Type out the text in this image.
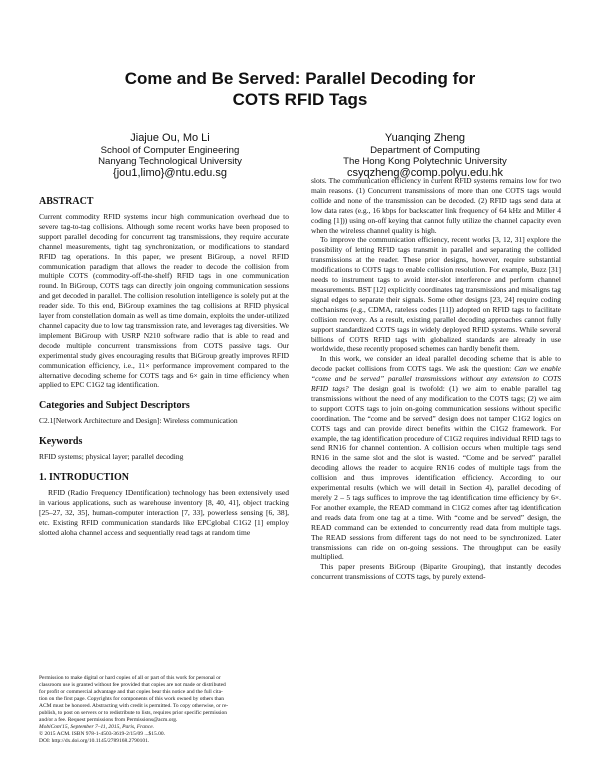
Come and Be Served: Parallel Decoding for
COTS RFID Tags
Jiajue Ou, Mo Li
School of Computer Engineering
Nanyang Technological University
{jou1,limo}@ntu.edu.sg
Yuanqing Zheng
Department of Computing
The Hong Kong Polytechnic University
csyqzheng@comp.polyu.edu.hk
ABSTRACT

Current commodity RFID systems incur high communication overhead due to severe tag-to-tag collisions. Although some recent works have been proposed to support parallel decoding for concurrent tag transmissions, they require accurate channel measurements, tight tag synchronization, or modifications to standard RFID tag operations. In this paper, we present BiGroup, a novel RFID communication paradigm that allows the reader to decode the collision from multiple COTS (commodity-off-the-shelf) RFID tags in one communication round. In BiGroup, COTS tags can directly join ongoing communication sessions and get decoded in parallel. The collision resolution intelligence is solely put at the reader side. To this end, BiGroup examines the tag collisions at RFID physical layer from constellation domain as well as time domain, exploits the under-utilized channel capacity due to low tag transmission rate, and leverages tag diversities. We implement BiGroup with USRP N210 software radio that is able to read and decode multiple concurrent transmissions from COTS passive tags. Our experimental study gives encouraging results that BiGroup greatly improves RFID communication efficiency, i.e., 11× performance improvement compared to the alternative decoding scheme for COTS tags and 6× gain in time efficiency when applied to EPC C1G2 tag identification.

Categories and Subject Descriptors

C2.1[Network Architecture and Design]: Wireless communication

Keywords

RFID systems; physical layer; parallel decoding

1. INTRODUCTION

RFID (Radio Frequency IDentification) technology has been extensively used in various applications, such as warehouse inventory [8, 40, 41], object tracking [25–27, 32, 35], human-computer interaction [7, 33], powerless sensing [6, 38], etc. Existing RFID communication standards like EPCglobal C1G2 [1] employ slotted aloha channel access and sequentially read tags at random time

Permission to make digital or hard copies of all or part of this work for personal or
classroom use is granted without fee provided that copies are not made or distributed
for profit or commercial advantage and that copies bear this notice and the full cita-
tion on the first page. Copyrights for components of this work owned by others than
ACM must be honored. Abstracting with credit is permitted. To copy otherwise, or re-
publish, to post on servers or to redistribute to lists, requires prior specific permission
and/or a fee. Request permissions from Permissions@acm.org.
MobiCom'15, September 7–11, 2015, Paris, France.
© 2015 ACM. ISBN 978-1-4503-3619-2/15/09 ...$15.00.
DOI: http://dx.doi.org/10.1145/2789168.2790101.

slots. The communication efficiency in current RFID systems remains low for two main reasons. (1) Concurrent transmissions of more than one COTS tags would collide and none of the transmission can be decoded. (2) RFID tags send data at low data rates (e.g., 16 kbps for backscatter link frequency of 64 kHz and Miller 4 coding [1])) using on-off keying that cannot fully utilize the channel capacity even when the wireless channel quality is high.

To improve the communication efficiency, recent works [3, 12, 31] explore the possibility of letting RFID tags transmit in parallel and separating the collided transmissions at the reader. These prior designs, however, require substantial modifications to COTS tags to enable collision resolution. For example, Buzz [31] needs to instrument tags to avoid inter-slot interference and perform channel measurements. BST [12] explicitly coordinates tag transmissions and misaligns tag signal edges to separate their signals. Some other designs [23, 24] require coding mechanisms (e.g., CDMA, rateless codes [11]) adopted on RFID tags to facilitate collision recovery. As a result, existing parallel decoding approaches cannot fully support standardized COTS tags in widely deployed RFID systems. While several billions of COTS RFID tags with globalized standards are already in use worldwide, these recently proposed schemes can hardly benefit them.

In this work, we consider an ideal parallel decoding scheme that is able to decode packet collisions from COTS tags. We ask the question: Can we enable “come and be served” parallel transmissions without any extension to COTS RFID tags? The design goal is twofold: (1) we aim to enable parallel tag transmissions without the need of any modification to the COTS tags; (2) we aim to support COTS tags to join on-going communication sessions without specific coordination. The “come and be served” design does not tamper C1G2 logics on COTS tags and can provide direct benefits within the C1G2 framework. For example, the tag identification procedure of C1G2 requires individual RFID tags to send RN16 for channel contention. A collision occurs when multiple tags send RN16 in the same slot and the slot is wasted. “Come and be served” parallel decoding allows the reader to acquire RN16 codes of multiple tags from the collision and thus improves identification efficiency. According to our experimental results (which we will detail in Section 4), parallel decoding of merely 2 – 5 tags suffices to improve the tag identification time efficiency by 6×. For another example, the READ command in C1G2 comes after tag identification and reads data from one tag at a time. With “come and be served” design, the READ command can be extended to concurrently read data from multiple tags. The READ sessions from different tags do not need to be synchronized. Later transmissions can ride on on-going sessions. The throughput can be easily multiplied.

This paper presents BiGroup (Biparite Grouping), that instantly decodes concurrent transmissions of COTS tags, by purely extend-
